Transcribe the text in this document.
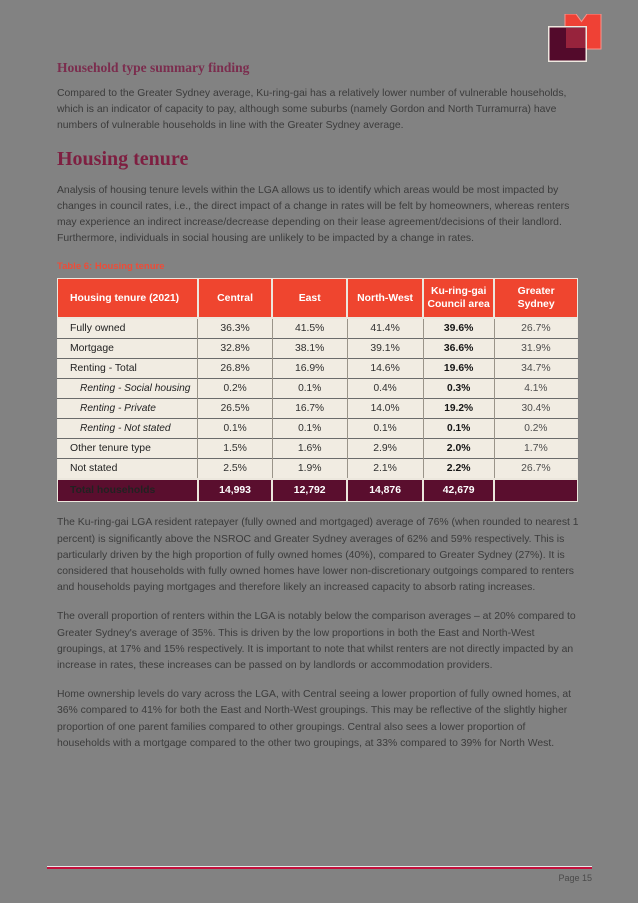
Household type summary finding

Compared to the Greater Sydney average, Ku-ring-gai has a relatively lower number of vulnerable households, which is an indicator of capacity to pay, although some suburbs (namely Gordon and North Turramurra) have numbers of vulnerable households in line with the Greater Sydney average.

Housing tenure

Analysis of housing tenure levels within the LGA allows us to identify which areas would be most impacted by changes in council rates, i.e., the direct impact of a change in rates will be felt by homeowners, whereas renters may experience an indirect increase/decrease depending on their lease agreement/decisions of their landlord. Furthermore, individuals in social housing are unlikely to be impacted by a change in rates.

Table 6: Housing tenure
Housing tenure (2021)	Central	East	North-West	Ku-ring-gai Council area	Greater Sydney
Fully owned	36.3%	41.5%	41.4%	39.6%	26.7%
Mortgage	32.8%	38.1%	39.1%	36.6%	31.9%
Renting - Total	26.8%	16.9%	14.6%	19.6%	34.7%
Renting - Social housing	0.2%	0.1%	0.4%	0.3%	4.1%
Renting - Private	26.5%	16.7%	14.0%	19.2%	30.4%
Renting - Not stated	0.1%	0.1%	0.1%	0.1%	0.2%
Other tenure type	1.5%	1.6%	2.9%	2.0%	1.7%
Not stated	2.5%	1.9%	2.1%	2.2%	26.7%
Total households	14,993	12,792	14,876	42,679	

The Ku-ring-gai LGA resident ratepayer (fully owned and mortgaged) average of 76% (when rounded to nearest 1 percent) is significantly above the NSROC and Greater Sydney averages of 62% and 59% respectively. This is particularly driven by the high proportion of fully owned homes (40%), compared to Greater Sydney (27%). It is considered that households with fully owned homes have lower non-discretionary outgoings compared to renters and households paying mortgages and therefore likely an increased capacity to absorb rating increases.

The overall proportion of renters within the LGA is notably below the comparison averages – at 20% compared to Greater Sydney's average of 35%. This is driven by the low proportions in both the East and North-West groupings, at 17% and 15% respectively. It is important to note that whilst renters are not directly impacted by an increase in rates, these increases can be passed on by landlords or accommodation providers.

Home ownership levels do vary across the LGA, with Central seeing a lower proportion of fully owned homes, at 36% compared to 41% for both the East and North-West groupings. This may be reflective of the slightly higher proportion of one parent families compared to other groupings. Central also sees a lower proportion of households with a mortgage compared to the other two groupings, at 33% compared to 39% for North West.

Page 15
